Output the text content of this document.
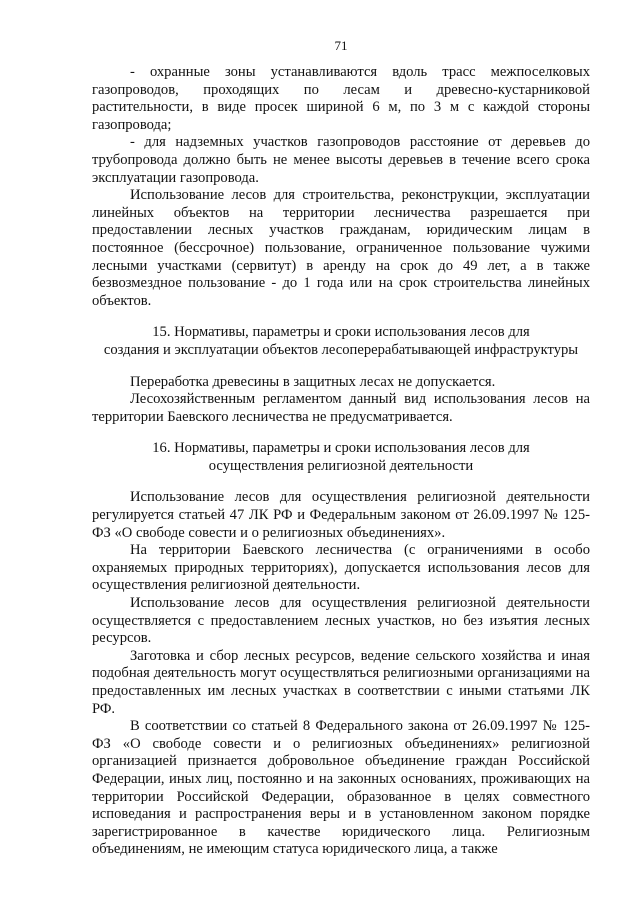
71

- охранные зоны устанавливаются вдоль трасс межпоселковых газопроводов, проходящих по лесам и древесно-кустарниковой растительности, в виде просек шириной 6 м, по 3 м с каждой стороны газопровода;

- для надземных участков газопроводов расстояние от деревьев до трубопровода должно быть не менее высоты деревьев в течение всего срока эксплуатации газопровода.

Использование лесов для строительства, реконструкции, эксплуатации линейных объектов на территории лесничества разрешается при предоставлении лесных участков гражданам, юридическим лицам в постоянное (бессрочное) пользование, ограниченное пользование чужими лесными участками (сервитут) в аренду на срок до 49 лет, а в также безвозмездное пользование - до 1 года или на срок строительства линейных объектов.

15. Нормативы, параметры и сроки использования лесов для
создания и эксплуатации объектов лесоперерабатывающей инфраструктуры

Переработка древесины в защитных лесах не допускается.

Лесохозяйственным регламентом данный вид использования лесов на территории Баевского лесничества не предусматривается.

16. Нормативы, параметры и сроки использования лесов для
осуществления религиозной деятельности

Использование лесов для осуществления религиозной деятельности регулируется статьей 47 ЛК РФ и Федеральным законом от 26.09.1997 № 125-ФЗ «О свободе совести и о религиозных объединениях».

На территории Баевского лесничества (с ограничениями в особо охраняемых природных территориях), допускается использования лесов для осуществления религиозной деятельности.

Использование лесов для осуществления религиозной деятельности осуществляется с предоставлением лесных участков, но без изъятия лесных ресурсов.

Заготовка и сбор лесных ресурсов, ведение сельского хозяйства и иная подобная деятельность могут осуществляться религиозными организациями на предоставленных им лесных участках в соответствии с иными статьями ЛК РФ.

В соответствии со статьей 8 Федерального закона от 26.09.1997 № 125-ФЗ «О свободе совести и о религиозных объединениях» религиозной организацией признается добровольное объединение граждан Российской Федерации, иных лиц, постоянно и на законных основаниях, проживающих на территории Российской Федерации, образованное в целях совместного исповедания и распространения веры и в установленном законом порядке зарегистрированное в качестве юридического лица. Религиозным объединениям, не имеющим статуса юридического лица, а также
